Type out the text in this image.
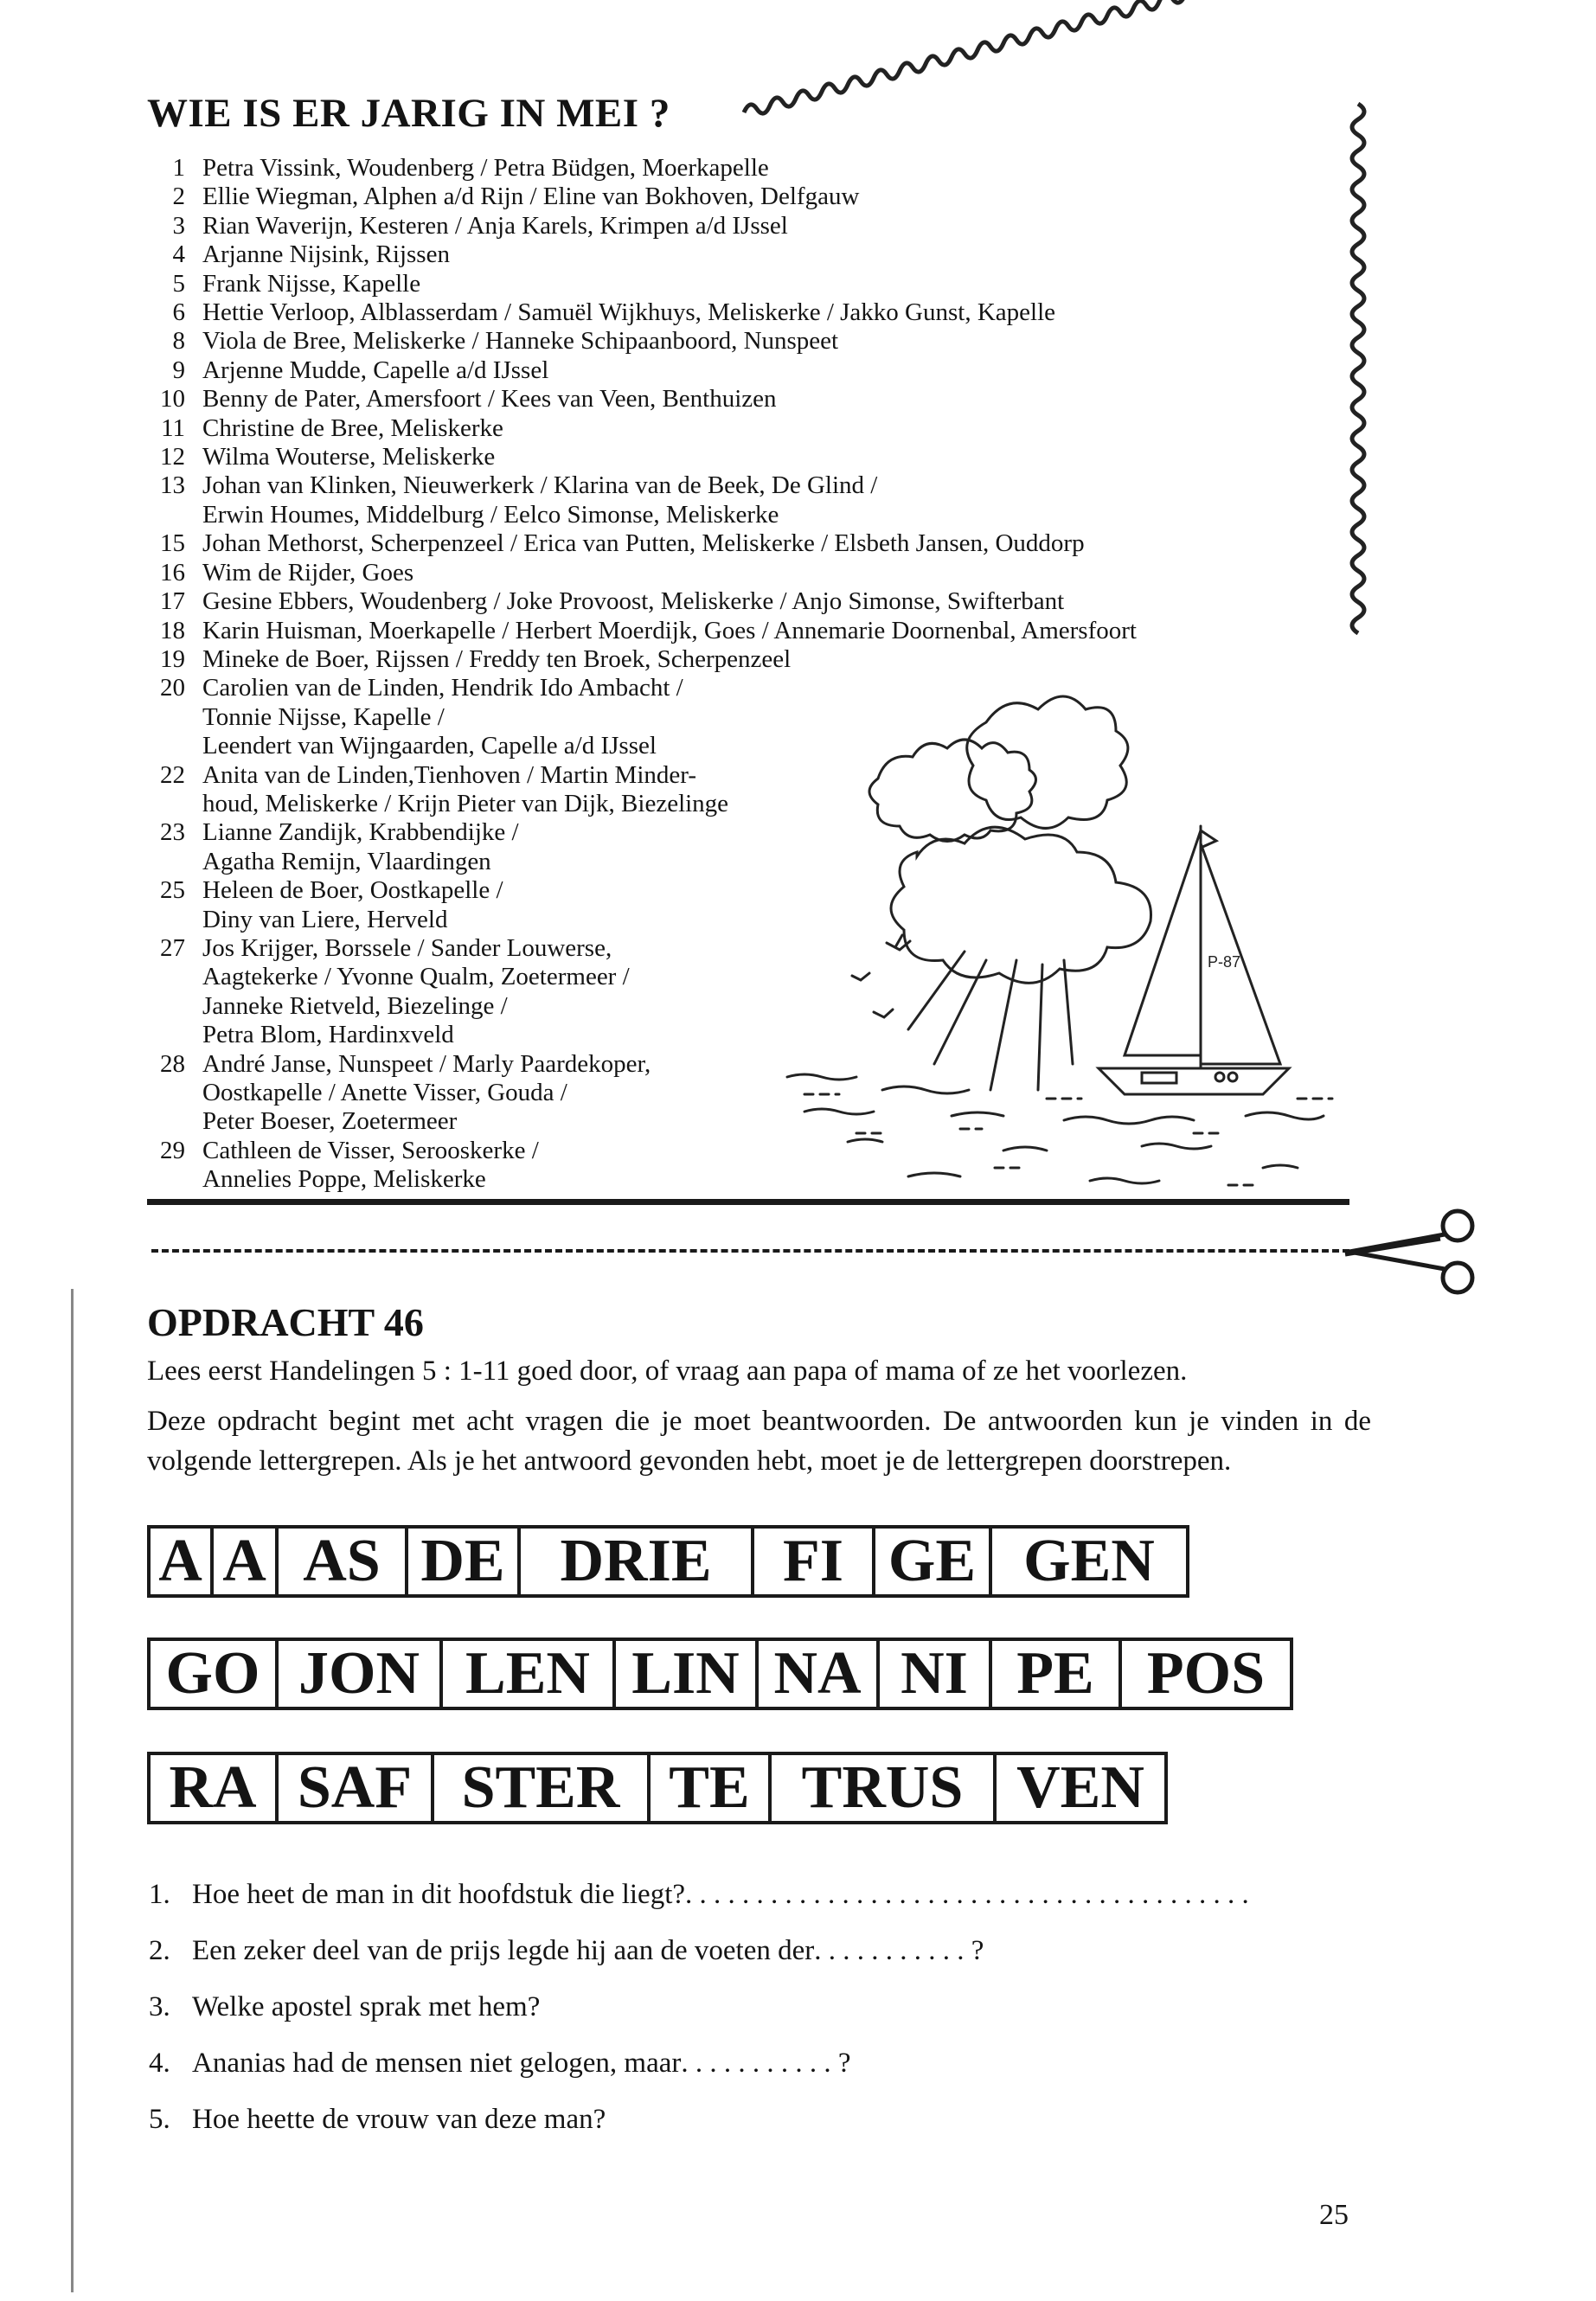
WIE IS ER JARIG IN MEI ?
1 Petra Vissink, Woudenberg / Petra Büdgen, Moerkapelle
2 Ellie Wiegman, Alphen a/d Rijn / Eline van Bokhoven, Delfgauw
3 Rian Waverijn, Kesteren / Anja Karels, Krimpen a/d IJssel
4 Arjanne Nijsink, Rijssen
5 Frank Nijsse, Kapelle
6 Hettie Verloop, Alblasserdam / Samuël Wijkhuys, Meliskerke / Jakko Gunst, Kapelle
8 Viola de Bree, Meliskerke / Hanneke Schipaanboord, Nunspeet
9 Arjenne Mudde, Capelle a/d IJssel
10 Benny de Pater, Amersfoort / Kees van Veen, Benthuizen
11 Christine de Bree, Meliskerke
12 Wilma Wouterse, Meliskerke
13 Johan van Klinken, Nieuwerkerk / Klarina van de Beek, De Glind /
Erwin Houmes, Middelburg / Eelco Simonse, Meliskerke
15 Johan Methorst, Scherpenzeel / Erica van Putten, Meliskerke / Elsbeth Jansen, Ouddorp
16 Wim de Rijder, Goes
17 Gesine Ebbers, Woudenberg / Joke Provoost, Meliskerke / Anjo Simonse, Swifterbant
18 Karin Huisman, Moerkapelle / Herbert Moerdijk, Goes / Annemarie Doornenbal, Amersfoort
19 Mineke de Boer, Rijssen / Freddy ten Broek, Scherpenzeel
20 Carolien van de Linden, Hendrik Ido Ambacht /
Tonnie Nijsse, Kapelle /
Leendert van Wijngaarden, Capelle a/d IJssel
22 Anita van de Linden,Tienhoven / Martin Minder-
houd, Meliskerke / Krijn Pieter van Dijk, Biezelinge
23 Lianne Zandijk, Krabbendijke /
Agatha Remijn, Vlaardingen
25 Heleen de Boer, Oostkapelle /
Diny van Liere, Herveld
27 Jos Krijger, Borssele / Sander Louwerse,
Aagtekerke / Yvonne Qualm, Zoetermeer /
Janneke Rietveld, Biezelinge /
Petra Blom, Hardinxveld
28 André Janse, Nunspeet / Marly Paardekoper,
Oostkapelle / Anette Visser, Gouda /
Peter Boeser, Zoetermeer
29 Cathleen de Visser, Serooskerke /
Annelies Poppe, Meliskerke
P-87
OPDRACHT 46

Lees eerst Handelingen 5 : 1-11 goed door, of vraag aan papa of mama of ze het voorlezen.

Deze opdracht begint met acht vragen die je moet beantwoorden. De antwoorden kun je vinden in de volgende lettergrepen. Als je het antwoord gevonden hebt, moet je de lettergrepen doorstrepen.

A A AS DE DRIE	FI GE GEN
GO JON LEN LIN NA NI PE POS
RA SAF STER TE TRUS VEN
1. Hoe heet de man in dit hoofdstuk die liegt? . . . . . . . . . . . . . . . . . . . . . . . . . . . . . . . . . . . . . . . .
2. Een zeker deel van de prijs legde hij aan de voeten der . . . . . . . . . . . ?
3. Welke apostel sprak met hem?
4. Ananias had de mensen niet gelogen, maar . . . . . . . . . . . ?
5. Hoe heette de vrouw van deze man?
25
